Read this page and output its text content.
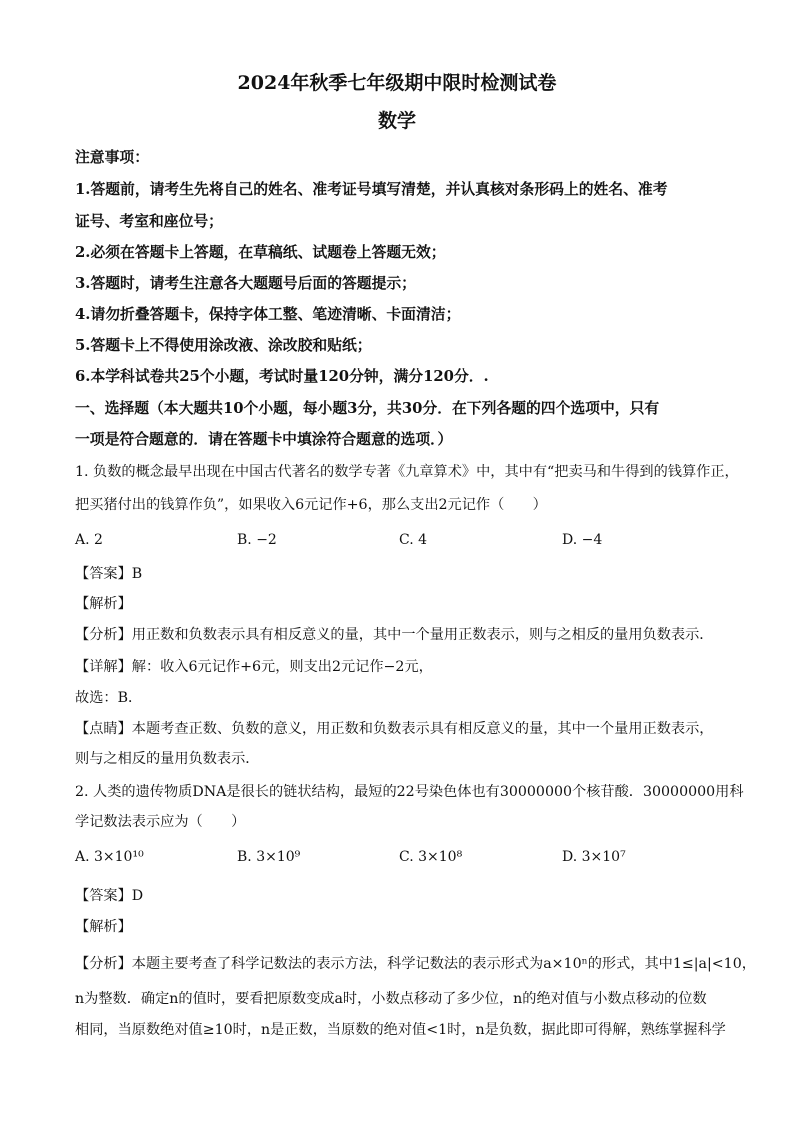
2024年秋季七年级期中限时检测试卷
数学
注意事项：
1.答题前，请考生先将自己的姓名、准考证号填写清楚，并认真核对条形码上的姓名、准考
证号、考室和座位号；
2.必须在答题卡上答题，在草稿纸、试题卷上答题无效；
3.答题时，请考生注意各大题题号后面的答题提示；
4.请勿折叠答题卡，保持字体工整、笔迹清晰、卡面清洁；
5.答题卡上不得使用涂改液、涂改胶和贴纸；
6.本学科试卷共25个小题，考试时量120分钟，满分120分．.
一、选择题（本大题共10个小题，每小题3分，共30分．在下列各题的四个选项中，只有
一项是符合题意的．请在答题卡中填涂符合题意的选项．）
1. 负数的概念最早出现在中国古代著名的数学专著《九章算术》中，其中有“把卖马和牛得到的钱算作正，
把买猪付出的钱算作负”，如果收入6元记作+6，那么支出2元记作（　　）
A. 2	B. −2	C. 4	D. −4
【答案】B
【解析】
【分析】用正数和负数表示具有相反意义的量，其中一个量用正数表示，则与之相反的量用负数表示．
【详解】解：收入6元记作+6元，则支出2元记作−2元，
故选：B．
【点睛】本题考查正数、负数的意义，用正数和负数表示具有相反意义的量，其中一个量用正数表示，
则与之相反的量用负数表示．
2. 人类的遗传物质DNA是很长的链状结构，最短的22号染色体也有30000000个核苷酸．30000000用科
学记数法表示应为（　　）
A. 3×10¹⁰	B. 3×10⁹	C. 3×10⁸	D. 3×10⁷
【答案】D
【解析】
【分析】本题主要考查了科学记数法的表示方法，科学记数法的表示形式为a×10ⁿ的形式，其中1≤|a|<10，
n为整数．确定n的值时，要看把原数变成a时，小数点移动了多少位，n的绝对值与小数点移动的位数
相同，当原数绝对值≥10时，n是正数，当原数的绝对值<1时，n是负数，据此即可得解，熟练掌握科学
